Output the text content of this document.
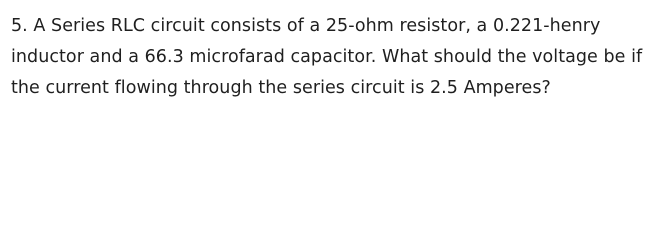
5. A Series RLC circuit consists of a 25-ohm resistor, a 0.221-henry
inductor and a 66.3 microfarad capacitor. What should the voltage be if
the current flowing through the series circuit is 2.5 Amperes?
